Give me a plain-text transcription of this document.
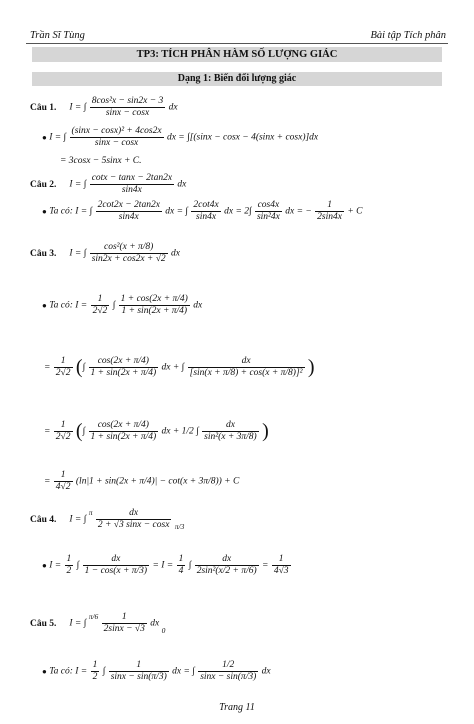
Trần Sĩ Tùng	Bài tập Tích phân
TP3: TÍCH PHÂN HÀM SỐ LƯỢNG GIÁC
Dạng 1: Biến đổi lượng giác
Câu 1. I = ∫ $\frac{\text{8cos²x − sin2x − 3}}{\sin x - \cos x}$ dx
● I = ∫ $\frac{\text{(sinx − cosx)² + 4cos2x}}{\sin x - \cos x}$ dx = ∫[(sinx − cosx − 4(sinx + cosx)]dx
= 3cosx − 5sinx + C.
Câu 2. I = ∫ $\frac{\cot x - \tan x - 2\tan 2x}{\sin 4x}$ dx
● Ta có: I = ∫ $\frac{2\cot 2x - 2\tan 2x}{\sin 4x}$ dx = ∫ $\frac{2\cot 4x}{\sin 4x}$ dx = $2\int \frac{\cos 4x}{\text{sin²4x}}$ dx = − $\frac{1}{2\sin 4x} + C$
Câu 3. I = ∫ $\frac{\text{cos²(x + π/8)}}{\sin 2x + \cos 2x + √2}$ dx
● Ta có: $I = \frac{1}{2√2}$ ∫ $\frac{1 + \cos(2x + \pi/4)}{1 + \sin(2x + \pi/4)}$ dx
= $\frac{1}{2√2}$ (∫ $\frac{\cos(2x + \pi/4)}{1 + \sin(2x + \pi/4)}$ dx + ∫ $\frac{dx}{\text{[sin(x + π/8) + cos(x + π/8)]²}}$ )
= $\frac{1}{2√2}$ (∫ $\frac{\cos(2x + \pi/4)}{1 + \sin(2x + \pi/4)}$ dx + 1/2 ∫ $\frac{dx}{\text{sin²(x + 3π/8)}}$ )
= $\frac{1}{4√2} (\ln|1 + \sin(2x + \pi/4)| - \cot(x + 3\pi/8)) + C$
Câu 4. I = ∫ $^\pi \frac{dx}{2 + √3 \sin x - \cos x} \pi/3$
● $I = \frac{1}{2}$ ∫ $\frac{dx}{1 - \cos(x + \pi/3)} = I = \frac{1}{4}$ ∫ $\frac{dx}{\text{2sin²(x/2 + π/6)}} = \frac{1}{4√3}$
Câu 5. I = ∫ $^{\pi/6} \frac{1}{2\sin x - √3}$ dx 0
● Ta có: $I = \frac{1}{2}$ ∫ $\frac{1}{\sin x - \sin(\pi/3)}$ dx = ∫ $\frac{1/2}{\sin x - \sin(\pi/3)}$ dx
Trang 11
